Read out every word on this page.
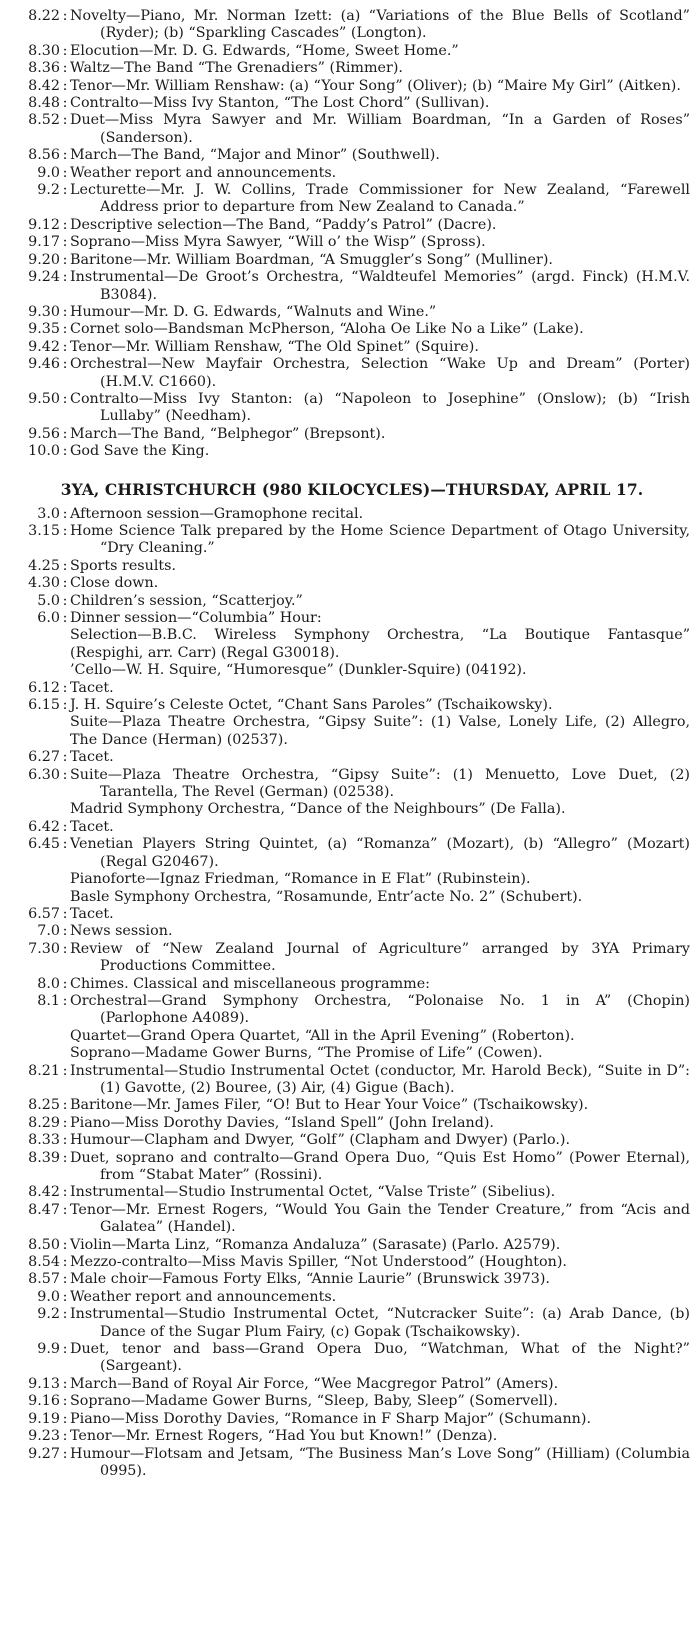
8.22 : Novelty—Piano, Mr. Norman Izett: (a) “Variations of the Blue Bells of Scotland” (Ryder); (b) “Sparkling Cascades” (Longton).
8.30 : Elocution—Mr. D. G. Edwards, “Home, Sweet Home.”
8.36 : Waltz—The Band “The Grenadiers” (Rimmer).
8.42 : Tenor—Mr. William Renshaw: (a) “Your Song” (Oliver); (b) “Maire My Girl” (Aitken).
8.48 : Contralto—Miss Ivy Stanton, “The Lost Chord” (Sullivan).
8.52 : Duet—Miss Myra Sawyer and Mr. William Boardman, “In a Garden of Roses” (Sanderson).
8.56 : March—The Band, “Major and Minor” (Southwell).
9.0 : Weather report and announcements.
9.2 : Lecturette—Mr. J. W. Collins, Trade Commissioner for New Zealand, “Farewell Address prior to departure from New Zealand to Canada.”
9.12 : Descriptive selection—The Band, “Paddy’s Patrol” (Dacre).
9.17 : Soprano—Miss Myra Sawyer, “Will o’ the Wisp” (Spross).
9.20 : Baritone—Mr. William Boardman, “A Smuggler’s Song” (Mulliner).
9.24 : Instrumental—De Groot’s Orchestra, “Waldteufel Memories” (argd. Finck) (H.M.V. B3084).
9.30 : Humour—Mr. D. G. Edwards, “Walnuts and Wine.”
9.35 : Cornet solo—Bandsman McPherson, “Aloha Oe Like No a Like” (Lake).
9.42 : Tenor—Mr. William Renshaw, “The Old Spinet” (Squire).
9.46 : Orchestral—New Mayfair Orchestra, Selection “Wake Up and Dream” (Porter) (H.M.V. C1660).
9.50 : Contralto—Miss Ivy Stanton: (a) “Napoleon to Josephine” (Onslow); (b) “Irish Lullaby” (Needham).
9.56 : March—The Band, “Belphegor” (Brepsont).
10.0 : God Save the King.
3YA, CHRISTCHURCH (980 KILOCYCLES)—THURSDAY, APRIL 17.
3.0 : Afternoon session—Gramophone recital.
3.15 : Home Science Talk prepared by the Home Science Department of Otago University, “Dry Cleaning.”
4.25 : Sports results.
4.30 : Close down.
5.0 : Children’s session, “Scatterjoy.”
6.0 : Dinner session—“Columbia” Hour:
Selection—B.B.C. Wireless Symphony Orchestra, “La Boutique Fantasque” (Respighi, arr. Carr) (Regal G30018).
’Cello—W. H. Squire, “Humoresque” (Dunkler-Squire) (04192).
6.12 : Tacet.
6.15 : J. H. Squire’s Celeste Octet, “Chant Sans Paroles” (Tschaikowsky).
Suite—Plaza Theatre Orchestra, “Gipsy Suite”: (1) Valse, Lonely Life, (2) Allegro, The Dance (Herman) (02537).
6.27 : Tacet.
6.30 : Suite—Plaza Theatre Orchestra, “Gipsy Suite”: (1) Menuetto, Love Duet, (2) Tarantella, The Revel (German) (02538).
Madrid Symphony Orchestra, “Dance of the Neighbours” (De Falla).
6.42 : Tacet.
6.45 : Venetian Players String Quintet, (a) “Romanza” (Mozart), (b) “Allegro” (Mozart) (Regal G20467).
Pianoforte—Ignaz Friedman, “Romance in E Flat” (Rubinstein).
Basle Symphony Orchestra, “Rosamunde, Entr’acte No. 2” (Schubert).
6.57 : Tacet.
7.0 : News session.
7.30 : Review of “New Zealand Journal of Agriculture” arranged by 3YA Primary Productions Committee.
8.0 : Chimes. Classical and miscellaneous programme:
8.1 : Orchestral—Grand Symphony Orchestra, “Polonaise No. 1 in A” (Chopin) (Parlophone A4089).
Quartet—Grand Opera Quartet, “All in the April Evening” (Roberton).
Soprano—Madame Gower Burns, “The Promise of Life” (Cowen).
8.21 : Instrumental—Studio Instrumental Octet (conductor, Mr. Harold Beck), “Suite in D”: (1) Gavotte, (2) Bouree, (3) Air, (4) Gigue (Bach).
8.25 : Baritone—Mr. James Filer, “O! But to Hear Your Voice” (Tschaikowsky).
8.29 : Piano—Miss Dorothy Davies, “Island Spell” (John Ireland).
8.33 : Humour—Clapham and Dwyer, “Golf” (Clapham and Dwyer) (Parlo.).
8.39 : Duet, soprano and contralto—Grand Opera Duo, “Quis Est Homo” (Power Eternal), from “Stabat Mater” (Rossini).
8.42 : Instrumental—Studio Instrumental Octet, “Valse Triste” (Sibelius).
8.47 : Tenor—Mr. Ernest Rogers, “Would You Gain the Tender Creature,” from “Acis and Galatea” (Handel).
8.50 : Violin—Marta Linz, “Romanza Andaluza” (Sarasate) (Parlo. A2579).
8.54 : Mezzo-contralto—Miss Mavis Spiller, “Not Understood” (Houghton).
8.57 : Male choir—Famous Forty Elks, “Annie Laurie” (Brunswick 3973).
9.0 : Weather report and announcements.
9.2 : Instrumental—Studio Instrumental Octet, “Nutcracker Suite”: (a) Arab Dance, (b) Dance of the Sugar Plum Fairy, (c) Gopak (Tschaikowsky).
9.9 : Duet, tenor and bass—Grand Opera Duo, “Watchman, What of the Night?” (Sargeant).
9.13 : March—Band of Royal Air Force, “Wee Macgregor Patrol” (Amers).
9.16 : Soprano—Madame Gower Burns, “Sleep, Baby, Sleep” (Somervell).
9.19 : Piano—Miss Dorothy Davies, “Romance in F Sharp Major” (Schumann).
9.23 : Tenor—Mr. Ernest Rogers, “Had You but Known!” (Denza).
9.27 : Humour—Flotsam and Jetsam, “The Business Man’s Love Song” (Hilliam) (Columbia 0995).
